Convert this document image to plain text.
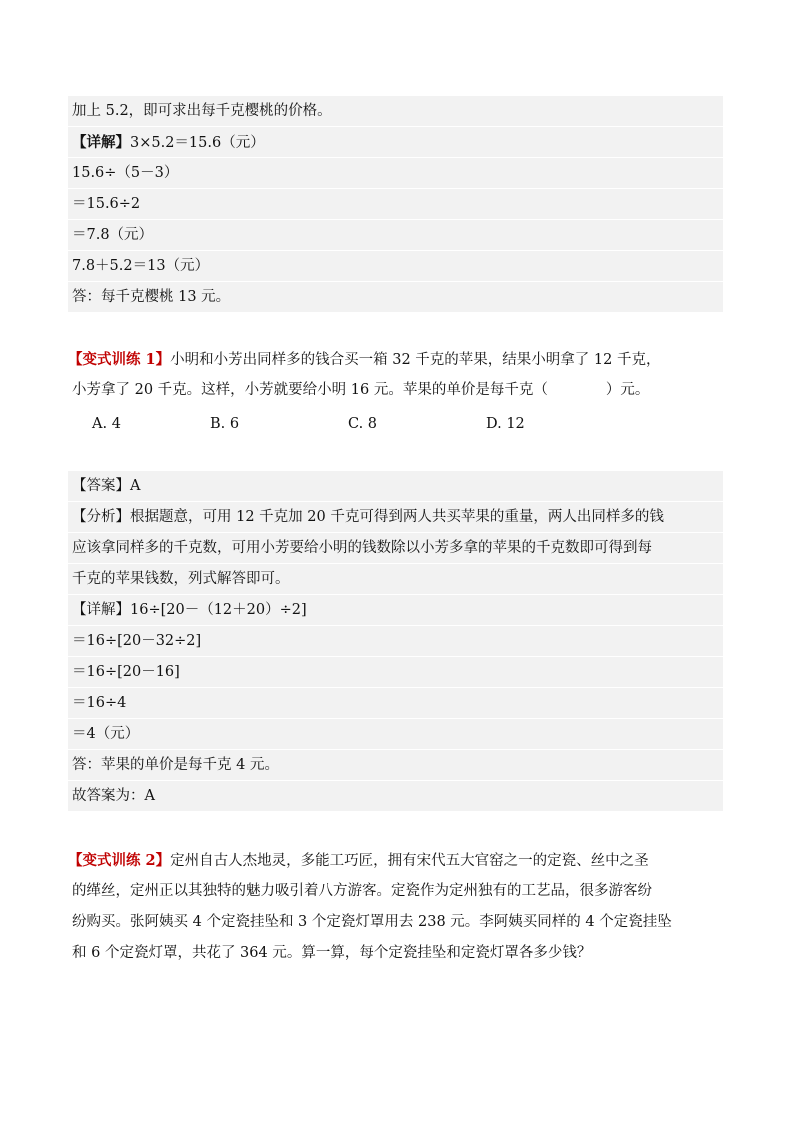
加上 5.2，即可求出每千克樱桃的价格。
【详解】3×5.2＝15.6（元）
15.6÷（5－3）
＝15.6÷2
＝7.8（元）
7.8＋5.2＝13（元）
答：每千克樱桃 13 元。
【变式训练 1】小明和小芳出同样多的钱合买一箱 32 千克的苹果，结果小明拿了 12 千克，
小芳拿了 20 千克。这样，小芳就要给小明 16 元。苹果的单价是每千克（	）元。
A. 4	B. 6	C. 8	D. 12
【答案】A
【分析】根据题意，可用 12 千克加 20 千克可得到两人共买苹果的重量，两人出同样多的钱
应该拿同样多的千克数，可用小芳要给小明的钱数除以小芳多拿的苹果的千克数即可得到每
千克的苹果钱数，列式解答即可。
【详解】16÷[20－（12＋20）÷2]
＝16÷[20－32÷2]
＝16÷[20－16]
＝16÷4
＝4（元）
答：苹果的单价是每千克 4 元。
故答案为：A
【变式训练 2】定州自古人杰地灵，多能工巧匠，拥有宋代五大官窑之一的定瓷、丝中之圣
的缂丝，定州正以其独特的魅力吸引着八方游客。定瓷作为定州独有的工艺品，很多游客纷
纷购买。张阿姨买 4 个定瓷挂坠和 3 个定瓷灯罩用去 238 元。李阿姨买同样的 4 个定瓷挂坠
和 6 个定瓷灯罩，共花了 364 元。算一算，每个定瓷挂坠和定瓷灯罩各多少钱？
